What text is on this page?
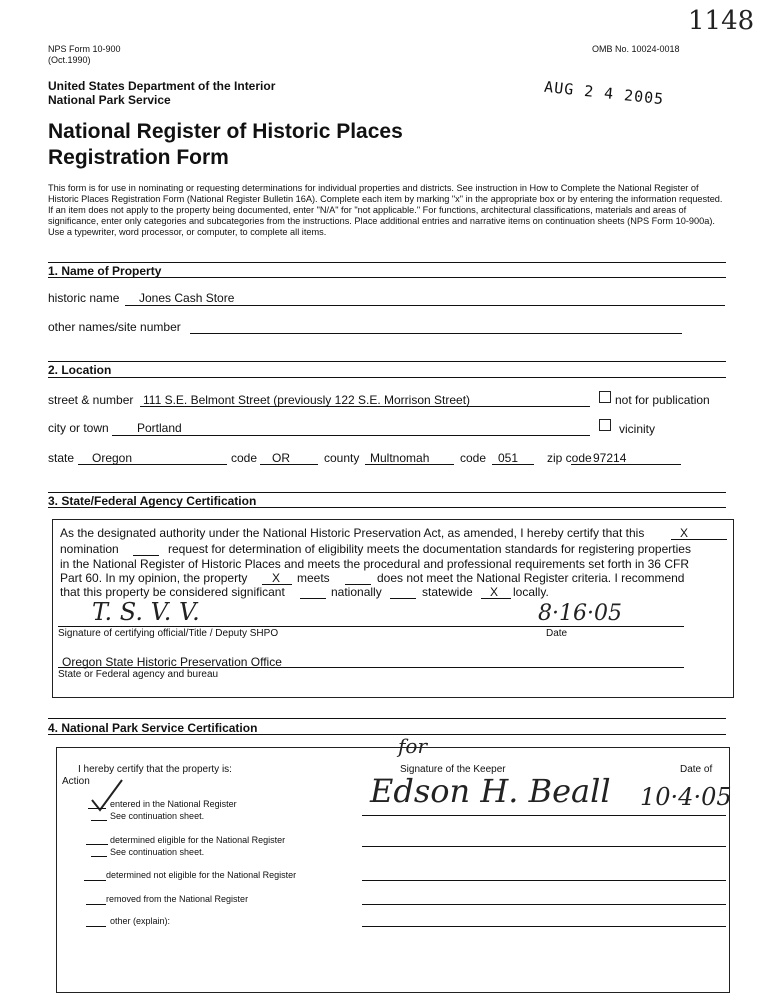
1148
NPS Form 10-900
(Oct.1990)
OMB No. 10024-0018
United States Department of the Interior
National Park Service	AUG 2 4 2005
National Register of Historic Places
Registration Form
This form is for use in nominating or requesting determinations for individual properties and districts. See instruction in How to Complete the National Register of Historic Places Registration Form (National Register Bulletin 16A). Complete each item by marking "x" in the appropriate box or by entering the information requested. If an item does not apply to the property being documented, enter "N/A" for "not applicable." For functions, architectural classifications, materials and areas of significance, enter only categories and subcategories from the instructions. Place additional entries and narrative items on continuation sheets (NPS Form 10-900a). Use a typewriter, word processor, or computer, to complete all items.
1. Name of Property
historic name Jones Cash Store
other names/site number
2. Location
street & number 111 S.E. Belmont Street (previously 122 S.E. Morrison Street)	not for publication
city or town Portland	vicinity
state Oregon	code OR	county Multnomah	code 051 zip code 97214
3. State/Federal Agency Certification
As the designated authority under the National Historic Preservation Act, as amended, I hereby certify that this	X
nomination	request for determination of eligibility meets the documentation standards for registering properties
in the National Register of Historic Places and meets the procedural and professional requirements set forth in 36 CFR
Part 60. In my opinion, the property X meets	does not meet the National Register criteria. I recommend
that this property be considered significant	nationally	statewide X locally.
T. S. V. V.	8·16·05
Signature of certifying official/Title / Deputy SHPO	Date
Oregon State Historic Preservation Office
State or Federal agency and bureau
4. National Park Service Certification
I hereby certify that the property is:
Action
Signature of the Keeper	Date of
for
Edson H. Beall 10·4·05
entered in the National Register
See continuation sheet.
determined eligible for the National Register
See continuation sheet.
determined not eligible for the National Register
removed from the National Register
other (explain):
